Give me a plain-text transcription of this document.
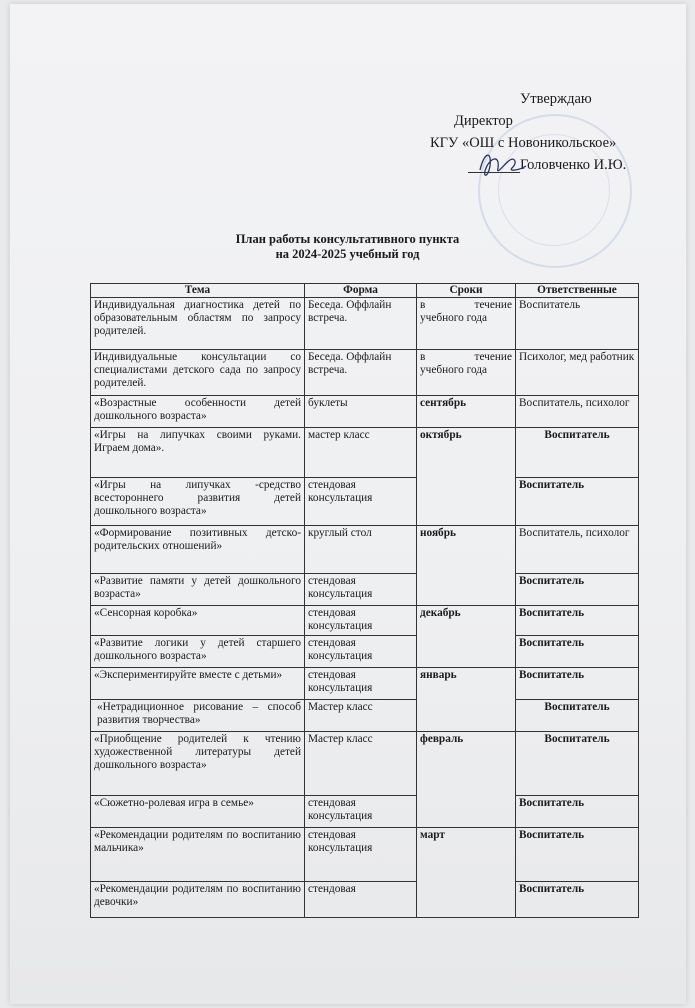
Утверждаю
Директор
КГУ «ОШ с Новоникольское»
Головченко И.Ю.
План работы консультативного пункта
на 2024-2025 учебный год
Тема	Форма	Сроки	Ответственные
Индивидуальная диагностика детей по образовательным областям по запросу родителей.	Беседа. Оффлайн встреча.	в течение учебного года	Воспитатель
Индивидуальные консультации со специалистами детского сада по запросу родителей.	Беседа. Оффлайн встреча.	в течение учебного года	Психолог, мед работник
«Возрастные особенности детей дошкольного возраста»	буклеты	сентябрь	Воспитатель, психолог
«Игры на липучках своими руками. Играем дома».	мастер класс	октябрь	Воспитатель
«Игры на липучках -средство всестороннего развития детей дошкольного возраста»	стендовая консультация		Воспитатель
«Формирование позитивных детско-родительских отношений»	круглый стол	ноябрь	Воспитатель, психолог
«Развитие памяти у детей дошкольного возраста»	стендовая консультация		Воспитатель
«Сенсорная коробка»	стендовая консультация	декабрь	Воспитатель
«Развитие логики у детей старшего дошкольного возраста»	стендовая консультация		Воспитатель
«Экспериментируйте вместе с детьми»	стендовая консультация	январь	Воспитатель
«Нетрадиционное рисование – способ развития творчества»	Мастер класс		Воспитатель
«Приобщение родителей к чтению художественной литературы детей дошкольного возраста»	Мастер класс	февраль	Воспитатель
«Сюжетно-ролевая игра в семье»	стендовая консультация		Воспитатель
«Рекомендации родителям по воспитанию мальчика»	стендовая консультация	март	Воспитатель
«Рекомендации родителям по воспитанию девочки»	стендовая		Воспитатель
